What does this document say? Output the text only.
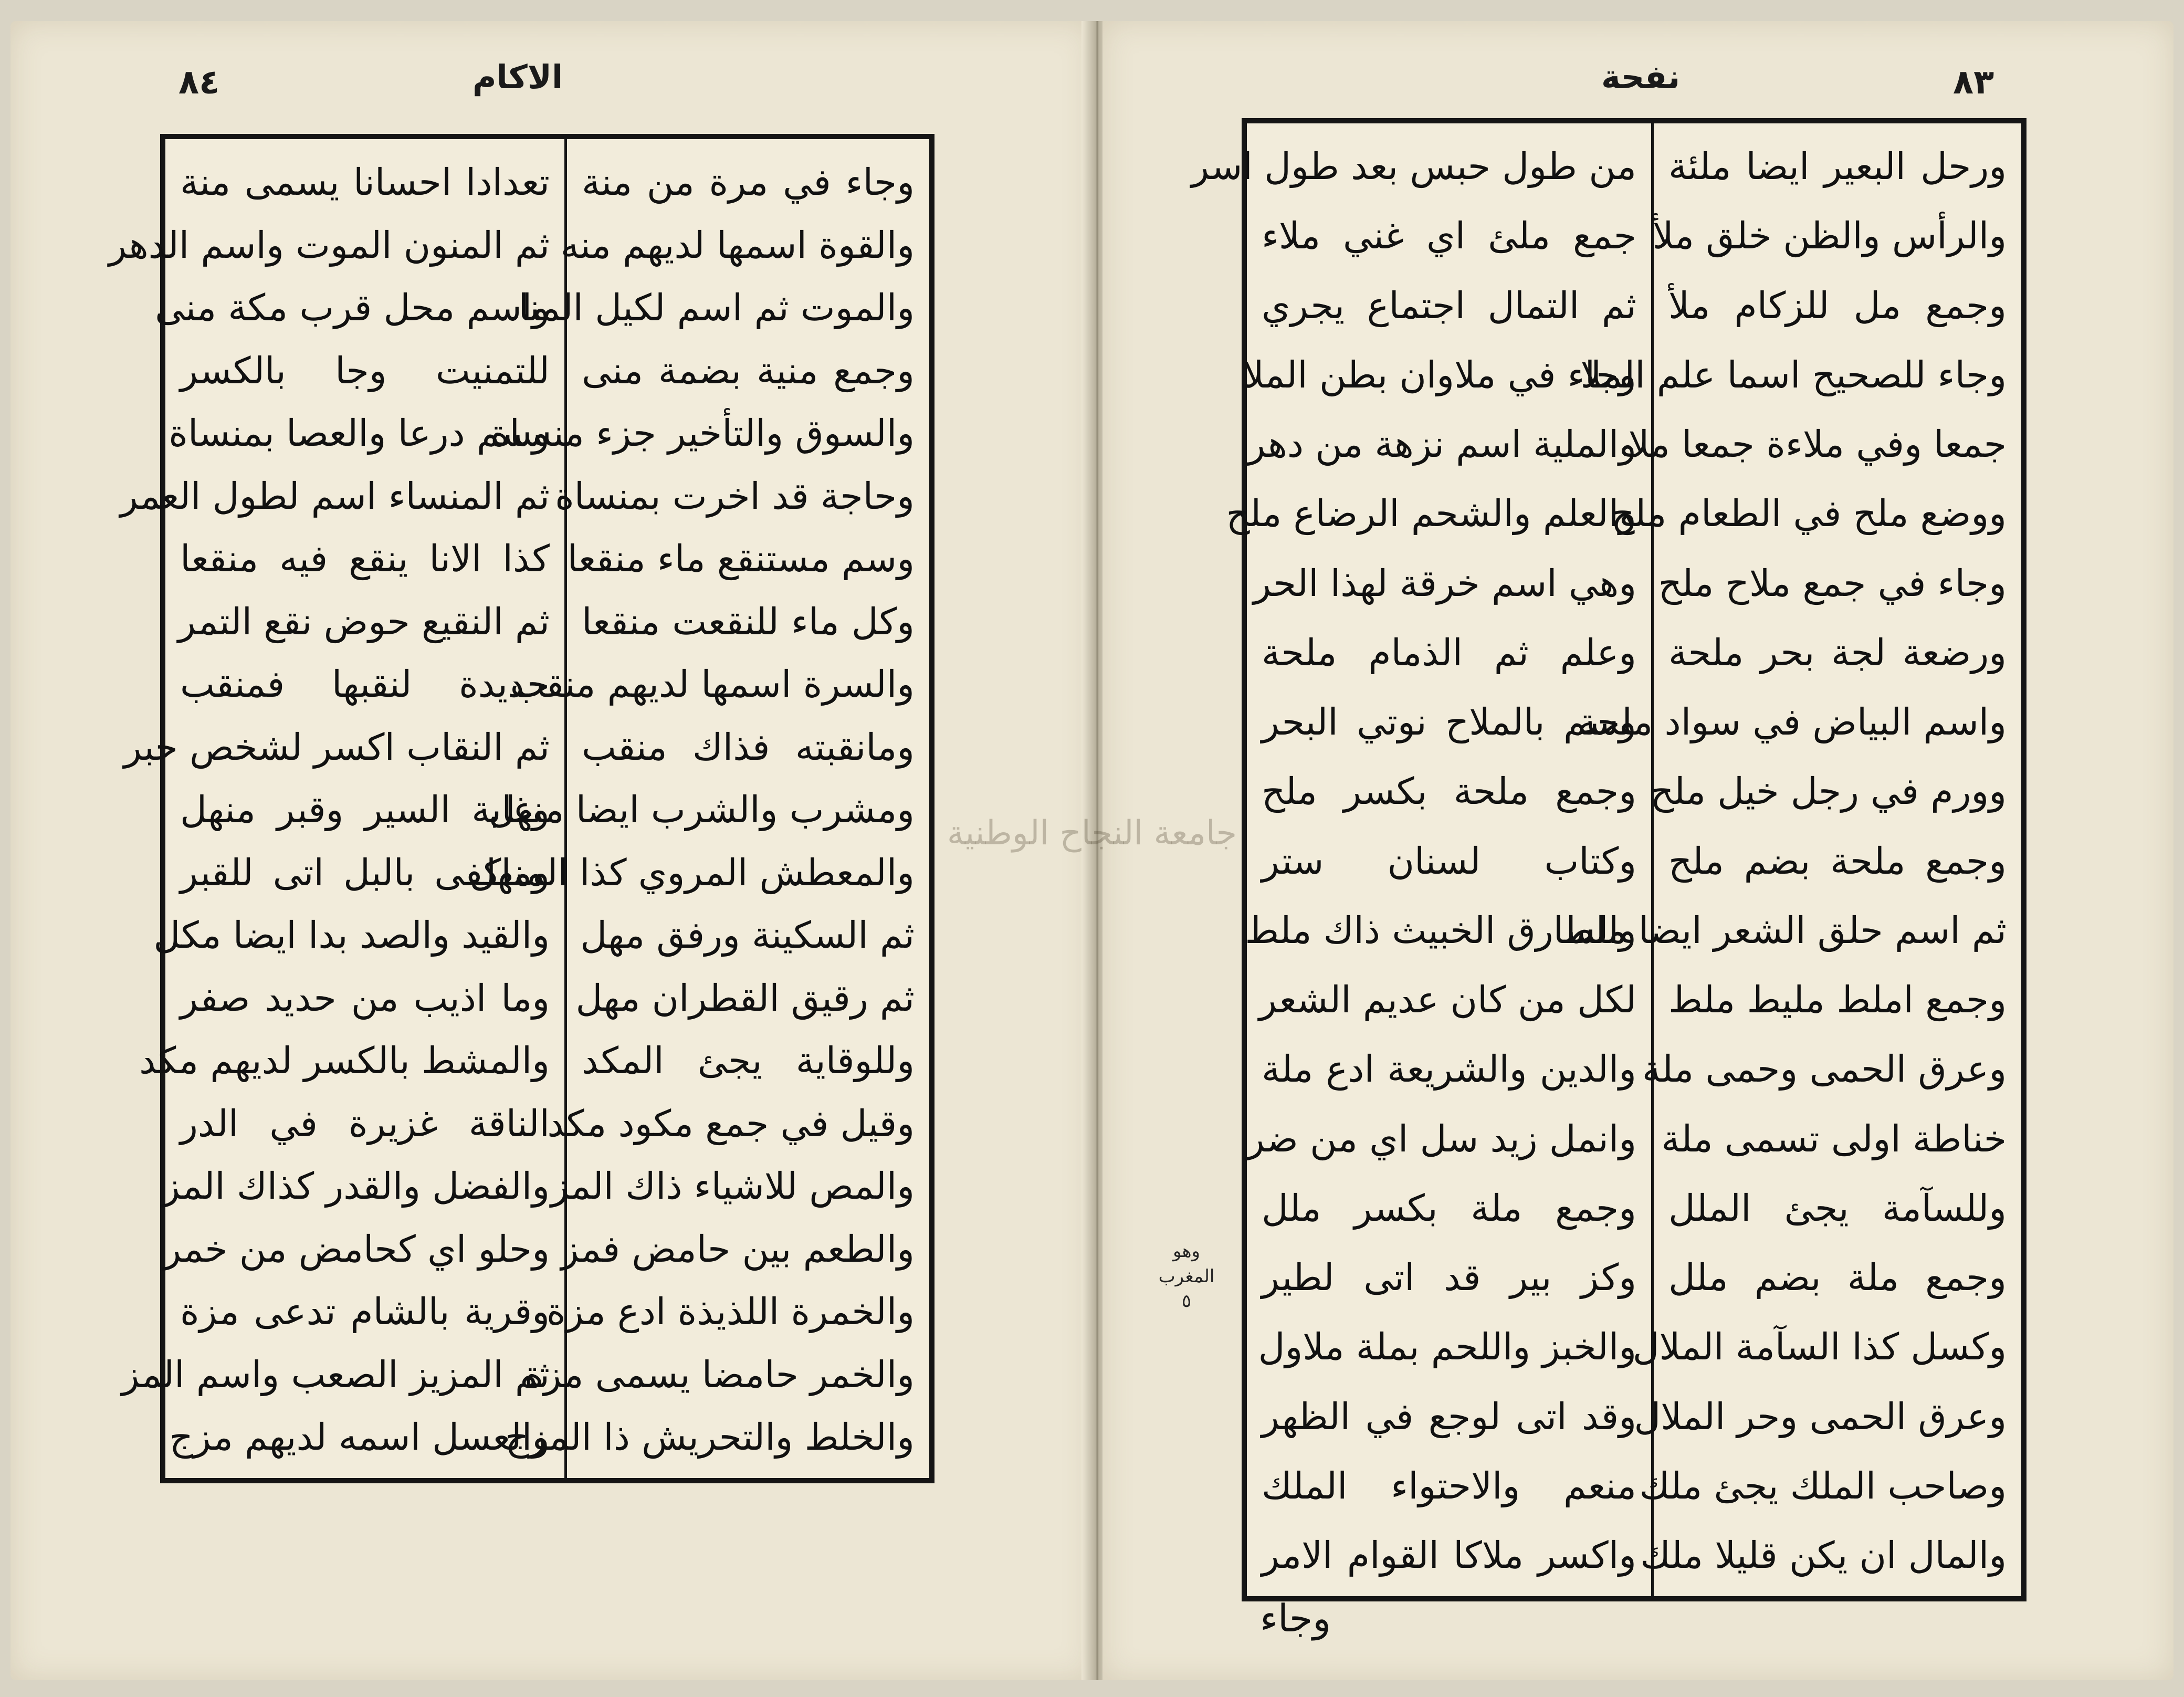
٨٤	الاكام
تعدادا احسانا يسمى منة
ثم المنون الموت واسم الدهر
واسم محل قرب مكة منى
للتمنيت وجا بالكسر
وسم درعا والعصا بمنساة
ثم المنساء اسم لطول العمر
كذا الانا ينقع فيه منقعا
ثم النقيع حوض نقع التمر
حديدة لنقبها فمنقب
ثم النقاب اكسر لشخص حبر
وغاية السير وقبر منهل
وماكفى بالبل اتى للقبر
والقيد والصد بدا ايضا مكل
وما اذيب من حديد صفر
والمشط بالكسر لديهم مكد
الناقة غزيرة في الدر
والفضل والقدر كذاك المز
وحلو اي كحامض من خمر
وقرية بالشام تدعى مزة
ثم المزيز الصعب واسم المز
والعسل اسمه لديهم مزج
وجاء في مرة من منة
والقوة اسمها لديهم منه
والموت ثم اسم لكيل المنا
وجمع منية بضمة منى
والسوق والتأخير جزء منساة
وحاجة قد اخرت بمنساة
وسم مستنقع ماء منقعا
وكل ماء للنقعت منقعا
والسرة اسمها لديهم منقب
ومانقبته فذاك منقب
ومشرب والشرب ايضا منهل
والمعطش المروي كذا المنهل
ثم السكينة ورفق مهل
ثم رقيق القطران مهل
وللوقاية يجئ المكد
وقيل في جمع مكود مكد
والمص للاشياء ذاك المز
والطعم بين حامض فمز
والخمرة اللذيذة ادع مزة
والخمر حامضا يسمى مزة
والخلط والتحريش ذا المزج
نفحة	٨٣
من طول حبس بعد طول اسر
جمع ملئ اي غني ملاء
ثم التمال اجتماع يجري
وجاء في ملاوان بطن الملا
والملية اسم نزهة من دهر
والعلم والشحم الرضاع ملح
وهي اسم خرقة لهذا الحر
وعلم ثم الذمام ملحة
وسم بالملاح نوتي البحر
وجمع ملحة بكسر ملح
وكتاب لسنان ستر
والسارق الخبيث ذاك ملط
لكل من كان عديم الشعر
والدين والشريعة ادع ملة
وانمل زيد سل اي من ضر
وجمع ملة بكسر ملل
وكز بير قد اتى لطير
والخبز واللحم بملة ملاول
وقد اتى لوجع في الظهر
منعم والاحتواء الملك
واكسر ملاكا القوام الامر
ورحل البعير ايضا ملئة
والرأس والظن خلق ملأ
وجمع مل للزكام ملأ
وجاء للصحيح اسما علم الملا
جمعا وفي ملاءة جمعا ملا
ووضع ملح في الطعام ملح
وجاء في جمع ملاح ملح
ورضعة لجة بحر ملحة
واسم البياض في سواد ملحة
وورم في رجل خيل ملح
وجمع ملحة بضم ملح
ثم اسم حلق الشعر ايضا ملط
وجمع املط مليط ملط
وعرق الحمى وحمى ملة
خناطة اولى تسمى ملة
وللسآمة يجئ الملل
وجمع ملة بضم ملل
وكسل كذا السآمة الملال
وعرق الحمى وحر الملال
وصاحب الملك يجئ ملك
والمال ان يكن قليلا ملك
وهو
المغرب
٥
وجاء
جامعة النجاح الوطنية
